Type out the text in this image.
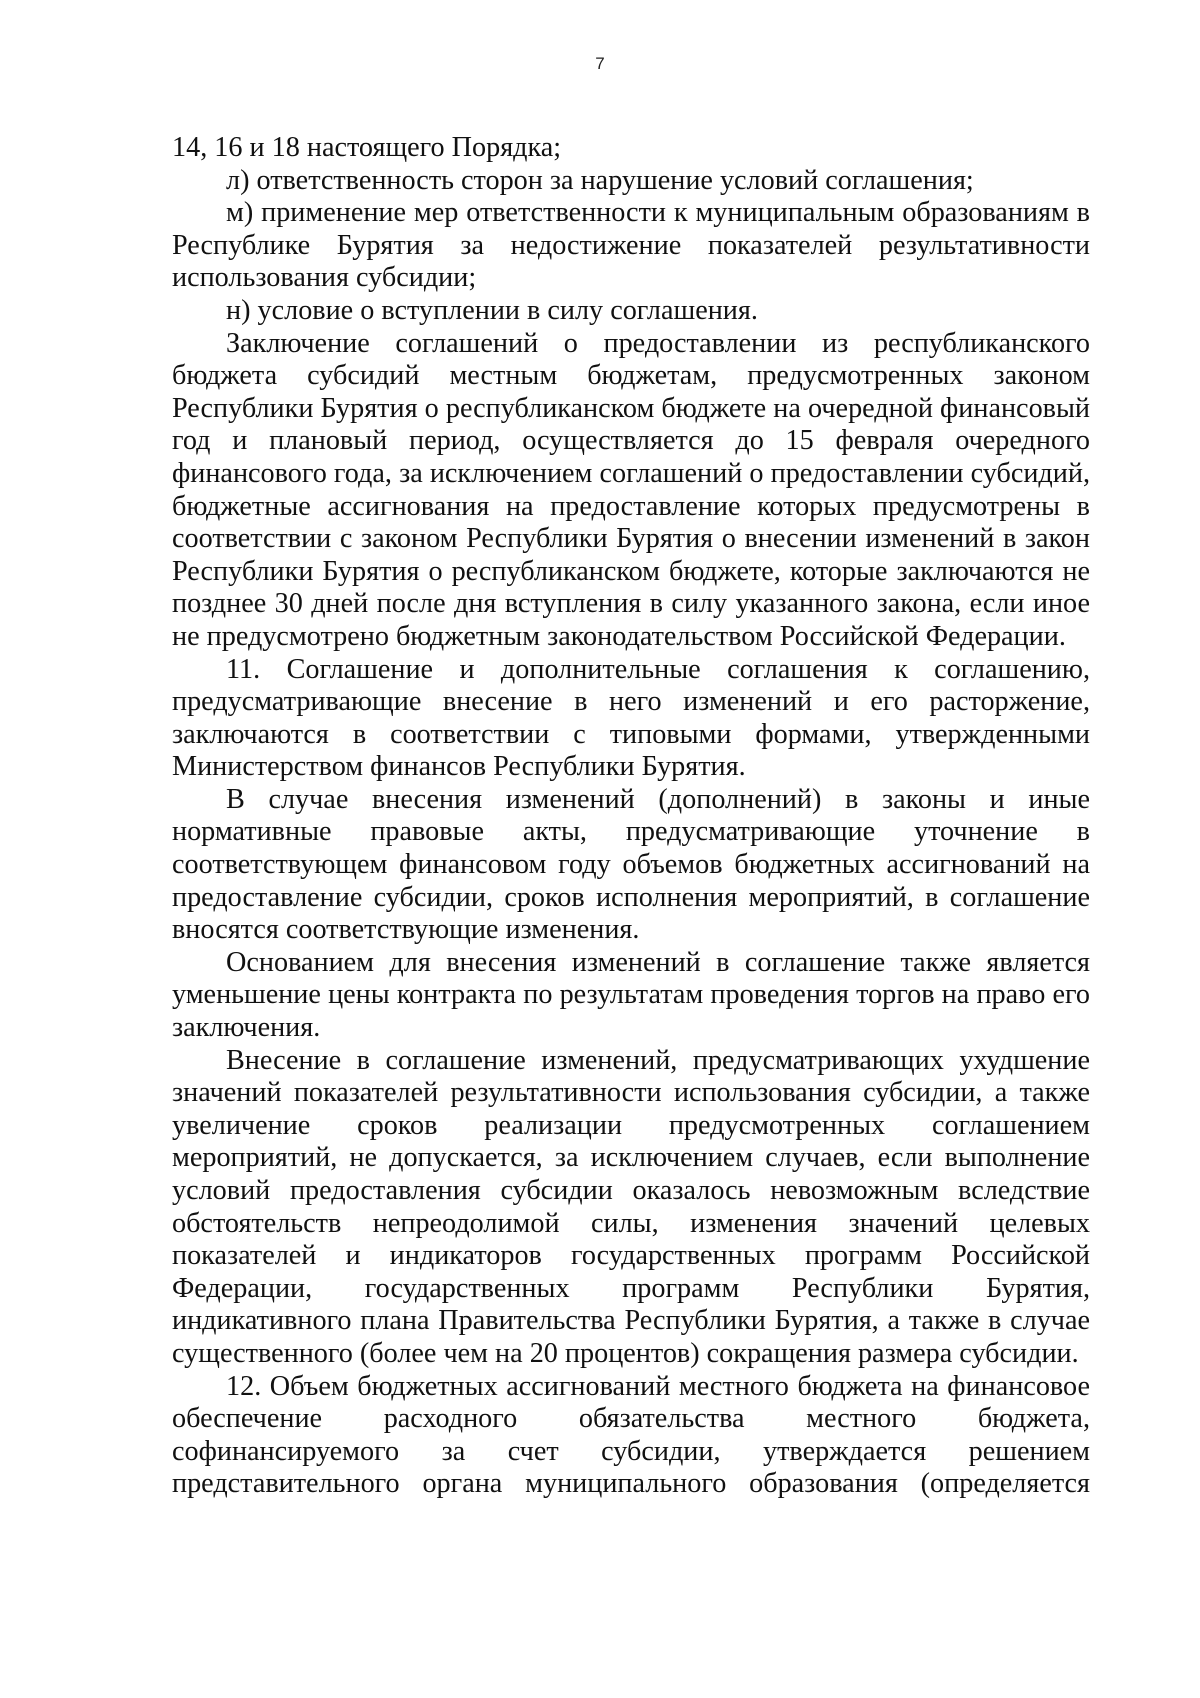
7

14, 16 и 18 настоящего Порядка;

л) ответственность сторон за нарушение условий соглашения;

м) применение мер ответственности к муниципальным образованиям в Республике Бурятия за недостижение показателей результативности использования субсидии;

н) условие о вступлении в силу соглашения.

Заключение соглашений о предоставлении из республиканского бюджета субсидий местным бюджетам, предусмотренных законом Республики Бурятия о республиканском бюджете на очередной финансовый год и плановый период, осуществляется до 15 февраля очередного финансового года, за исключением соглашений о предоставлении субсидий, бюджетные ассигнования на предоставление которых предусмотрены в соответствии с законом Республики Бурятия о внесении изменений в закон Республики Бурятия о республиканском бюджете, которые заключаются не позднее 30 дней после дня вступления в силу указанного закона, если иное не предусмотрено бюджетным законодательством Российской Федерации.

11. Соглашение и дополнительные соглашения к соглашению, предусматривающие внесение в него изменений и его расторжение, заключаются в соответствии с типовыми формами, утвержденными Министерством финансов Республики Бурятия.

В случае внесения изменений (дополнений) в законы и иные нормативные правовые акты, предусматривающие уточнение в соответствующем финансовом году объемов бюджетных ассигнований на предоставление субсидии, сроков исполнения мероприятий, в соглашение вносятся соответствующие изменения.

Основанием для внесения изменений в соглашение также является уменьшение цены контракта по результатам проведения торгов на право его заключения.

Внесение в соглашение изменений, предусматривающих ухудшение значений показателей результативности использования субсидии, а также увеличение сроков реализации предусмотренных соглашением мероприятий, не допускается, за исключением случаев, если выполнение условий предоставления субсидии оказалось невозможным вследствие обстоятельств непреодолимой силы, изменения значений целевых показателей и индикаторов государственных программ Российской Федерации, государственных программ Республики Бурятия, индикативного плана Правительства Республики Бурятия, а также в случае существенного (более чем на 20 процентов) сокращения размера субсидии.

12. Объем бюджетных ассигнований местного бюджета на финансовое обеспечение расходного обязательства местного бюджета, софинансируемого за счет субсидии, утверждается решением представительного органа муниципального образования (определяется
